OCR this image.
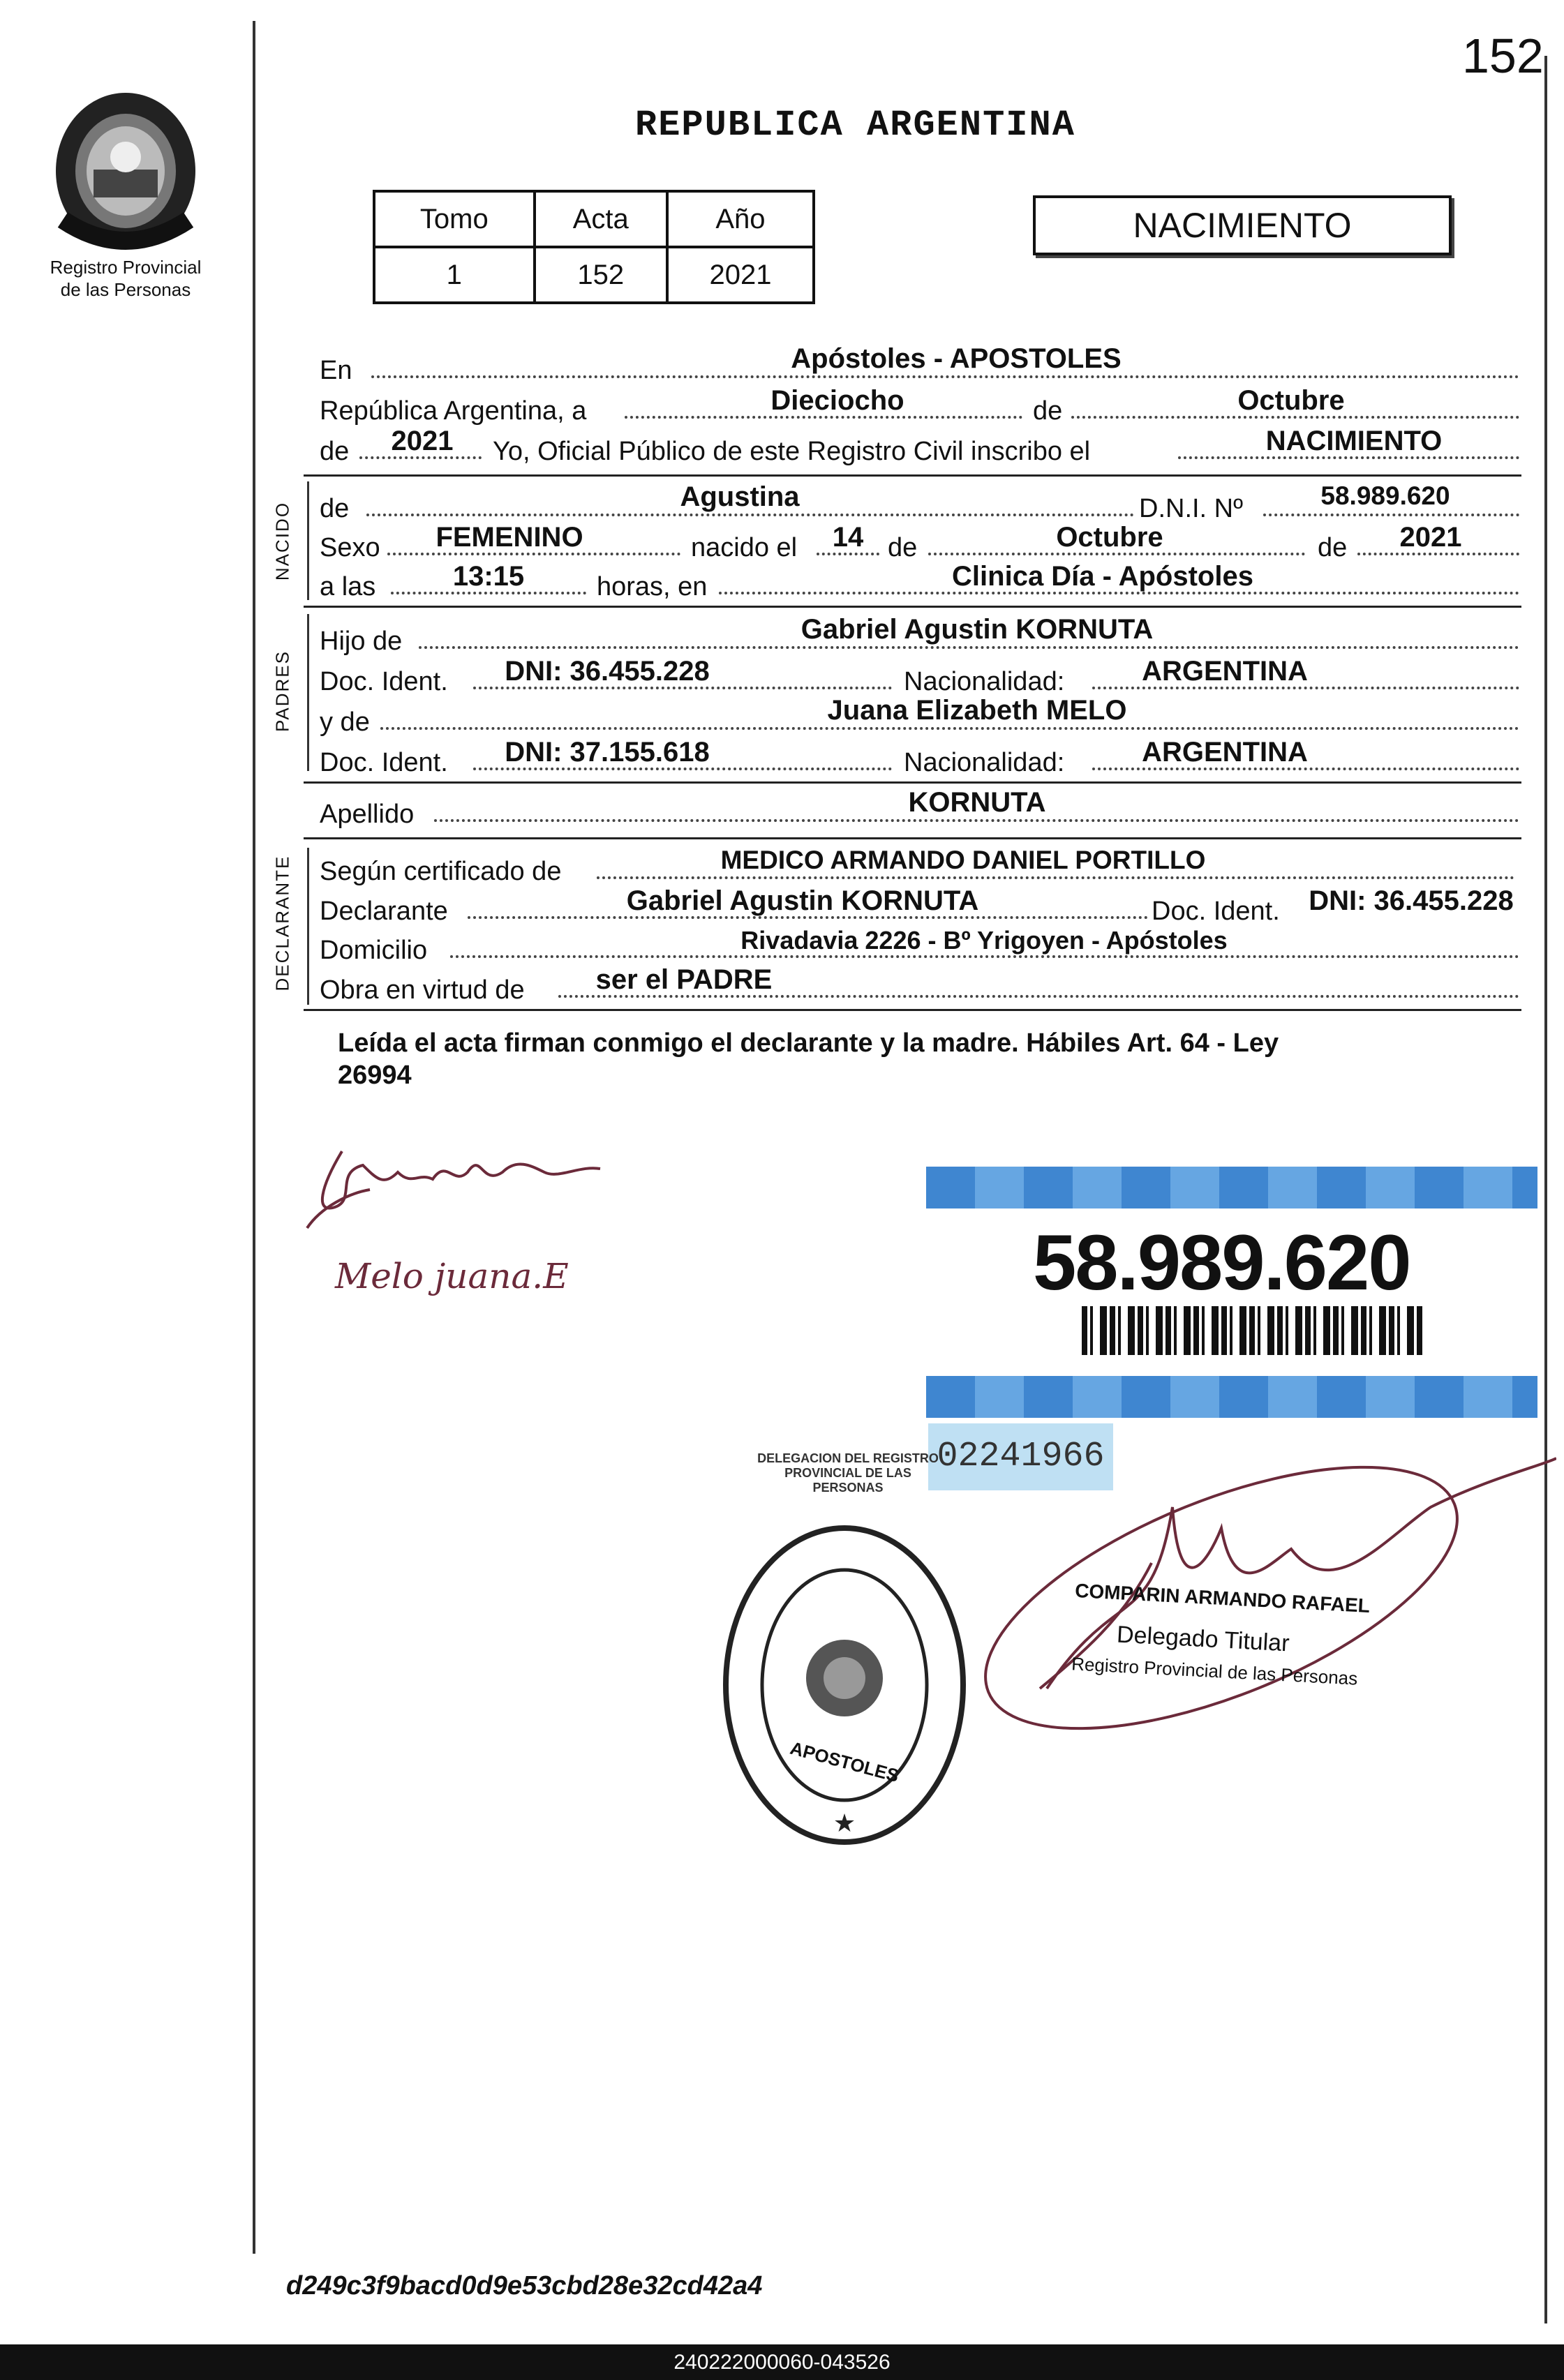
152
Registro Provincial
de las Personas
REPUBLICA ARGENTINA
Tomo	Acta	Año
1	152	2021
NACIMIENTO
En	Apóstoles - APOSTOLES
República Argentina, a	Dieciocho	de	Octubre
de	2021	Yo, Oficial Público de este Registro Civil inscribo el	NACIMIENTO
NACIDO de	Agustina	D.N.I. Nº	58.989.620
Sexo	FEMENINO	nacido el	14 de	Octubre	de	2021
a las	13:15	horas, en	Clinica Día - Apóstoles
PADRES
Hijo de	Gabriel Agustin KORNUTA
Doc. Ident.	DNI: 36.455.228	Nacionalidad:	ARGENTINA
y de	Juana Elizabeth MELO
Doc. Ident.	DNI: 37.155.618	Nacionalidad:	ARGENTINA
Apellido	KORNUTA
DECLARANTE Según certificado de	MEDICO ARMANDO DANIEL PORTILLO
Declarante	Gabriel Agustin KORNUTA	Doc. Ident.	DNI: 36.455.228
Domicilio	Rivadavia 2226 - Bº Yrigoyen - Apóstoles
Obra en virtud de	ser el PADRE
Leída el acta firman conmigo el declarante y la madre. Hábiles Art. 64 - Ley
26994
Melo juana.E	58.989.620
02241966
★
DELEGACION DEL REGISTRO PROVINCIAL DE LAS PERSONAS
APOSTOLES
COMPARIN ARMANDO RAFAEL
Delegado Titular
Registro Provincial de las Personas
d249c3f9bacd0d9e53cbd28e32cd42a4
240222000060-043526
